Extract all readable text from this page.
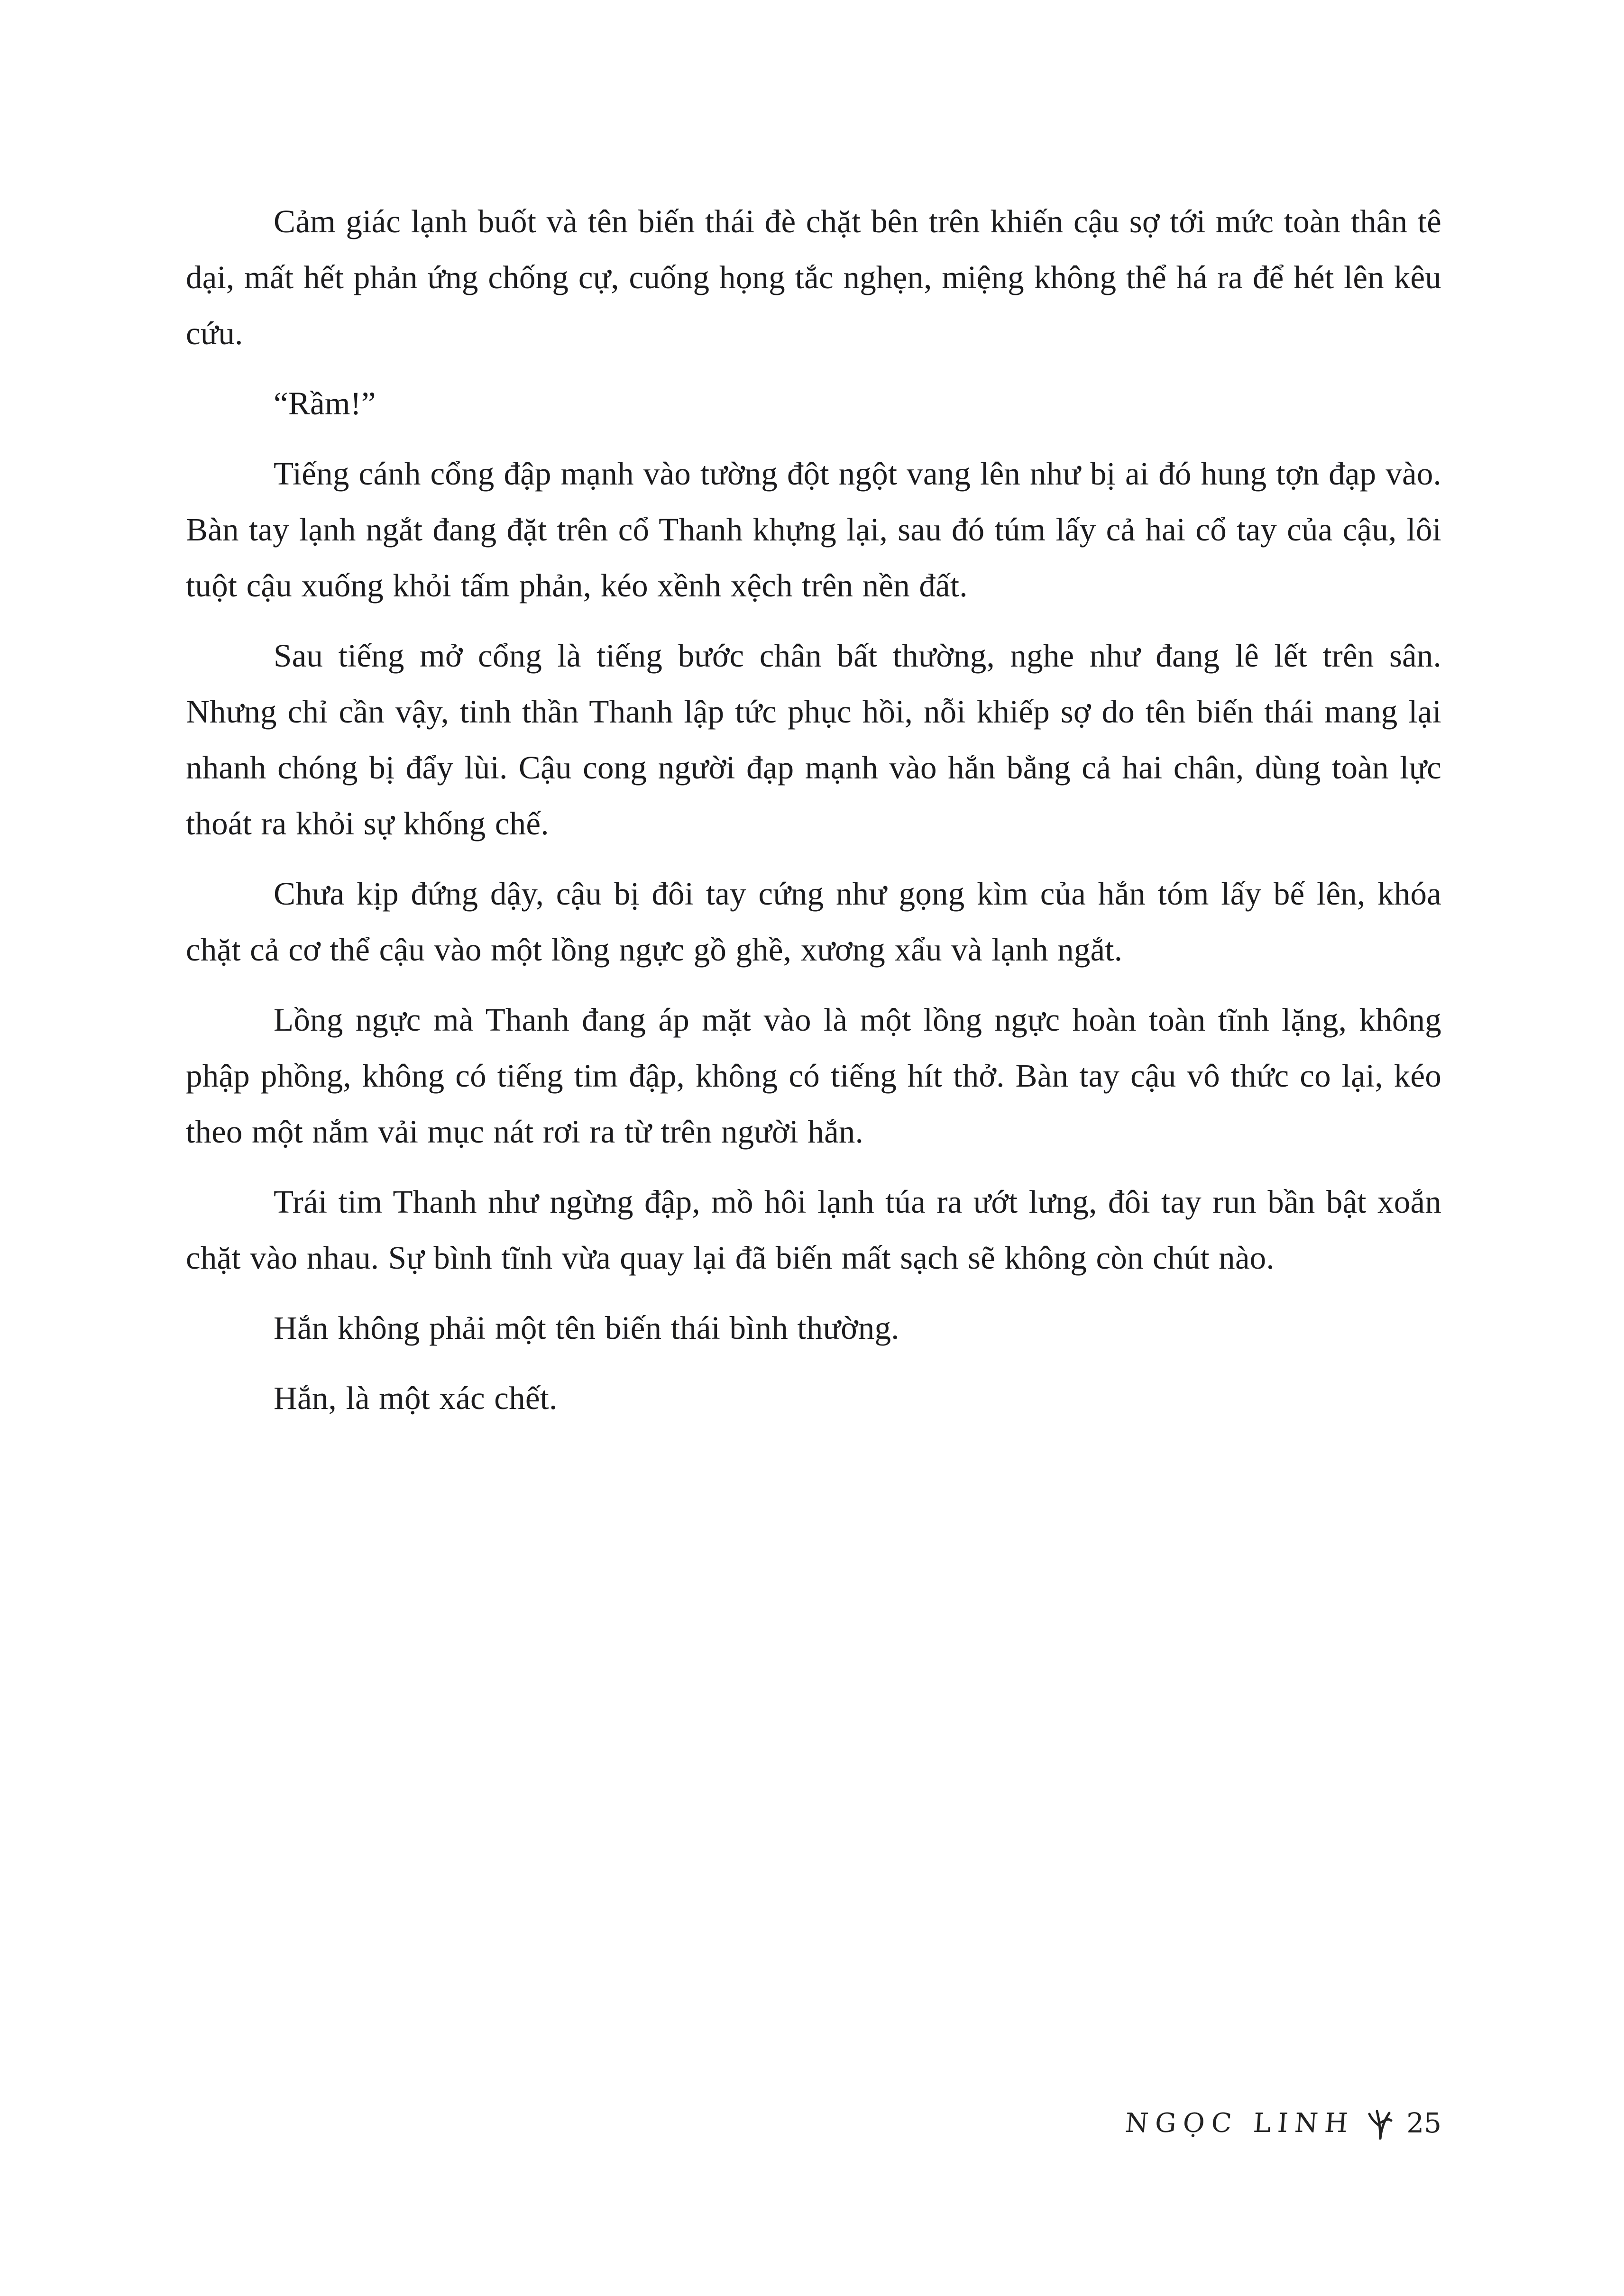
Cảm giác lạnh buốt và tên biến thái đè chặt bên trên khiến cậu sợ tới mức toàn thân tê dại, mất hết phản ứng chống cự, cuống họng tắc nghẹn, miệng không thể há ra để hét lên kêu cứu.

“Rầm!”

Tiếng cánh cổng đập mạnh vào tường đột ngột vang lên như bị ai đó hung tợn đạp vào. Bàn tay lạnh ngắt đang đặt trên cổ Thanh khựng lại, sau đó túm lấy cả hai cổ tay của cậu, lôi tuột cậu xuống khỏi tấm phản, kéo xềnh xệch trên nền đất.

Sau tiếng mở cổng là tiếng bước chân bất thường, nghe như đang lê lết trên sân. Nhưng chỉ cần vậy, tinh thần Thanh lập tức phục hồi, nỗi khiếp sợ do tên biến thái mang lại nhanh chóng bị đẩy lùi. Cậu cong người đạp mạnh vào hắn bằng cả hai chân, dùng toàn lực thoát ra khỏi sự khống chế.

Chưa kịp đứng dậy, cậu bị đôi tay cứng như gọng kìm của hắn tóm lấy bế lên, khóa chặt cả cơ thể cậu vào một lồng ngực gồ ghề, xương xẩu và lạnh ngắt.

Lồng ngực mà Thanh đang áp mặt vào là một lồng ngực hoàn toàn tĩnh lặng, không phập phồng, không có tiếng tim đập, không có tiếng hít thở. Bàn tay cậu vô thức co lại, kéo theo một nắm vải mục nát rơi ra từ trên người hắn.

Trái tim Thanh như ngừng đập, mồ hôi lạnh túa ra ướt lưng, đôi tay run bần bật xoắn chặt vào nhau. Sự bình tĩnh vừa quay lại đã biến mất sạch sẽ không còn chút nào.

Hắn không phải một tên biến thái bình thường.

Hắn, là một xác chết.

NGỌC LINH 25
